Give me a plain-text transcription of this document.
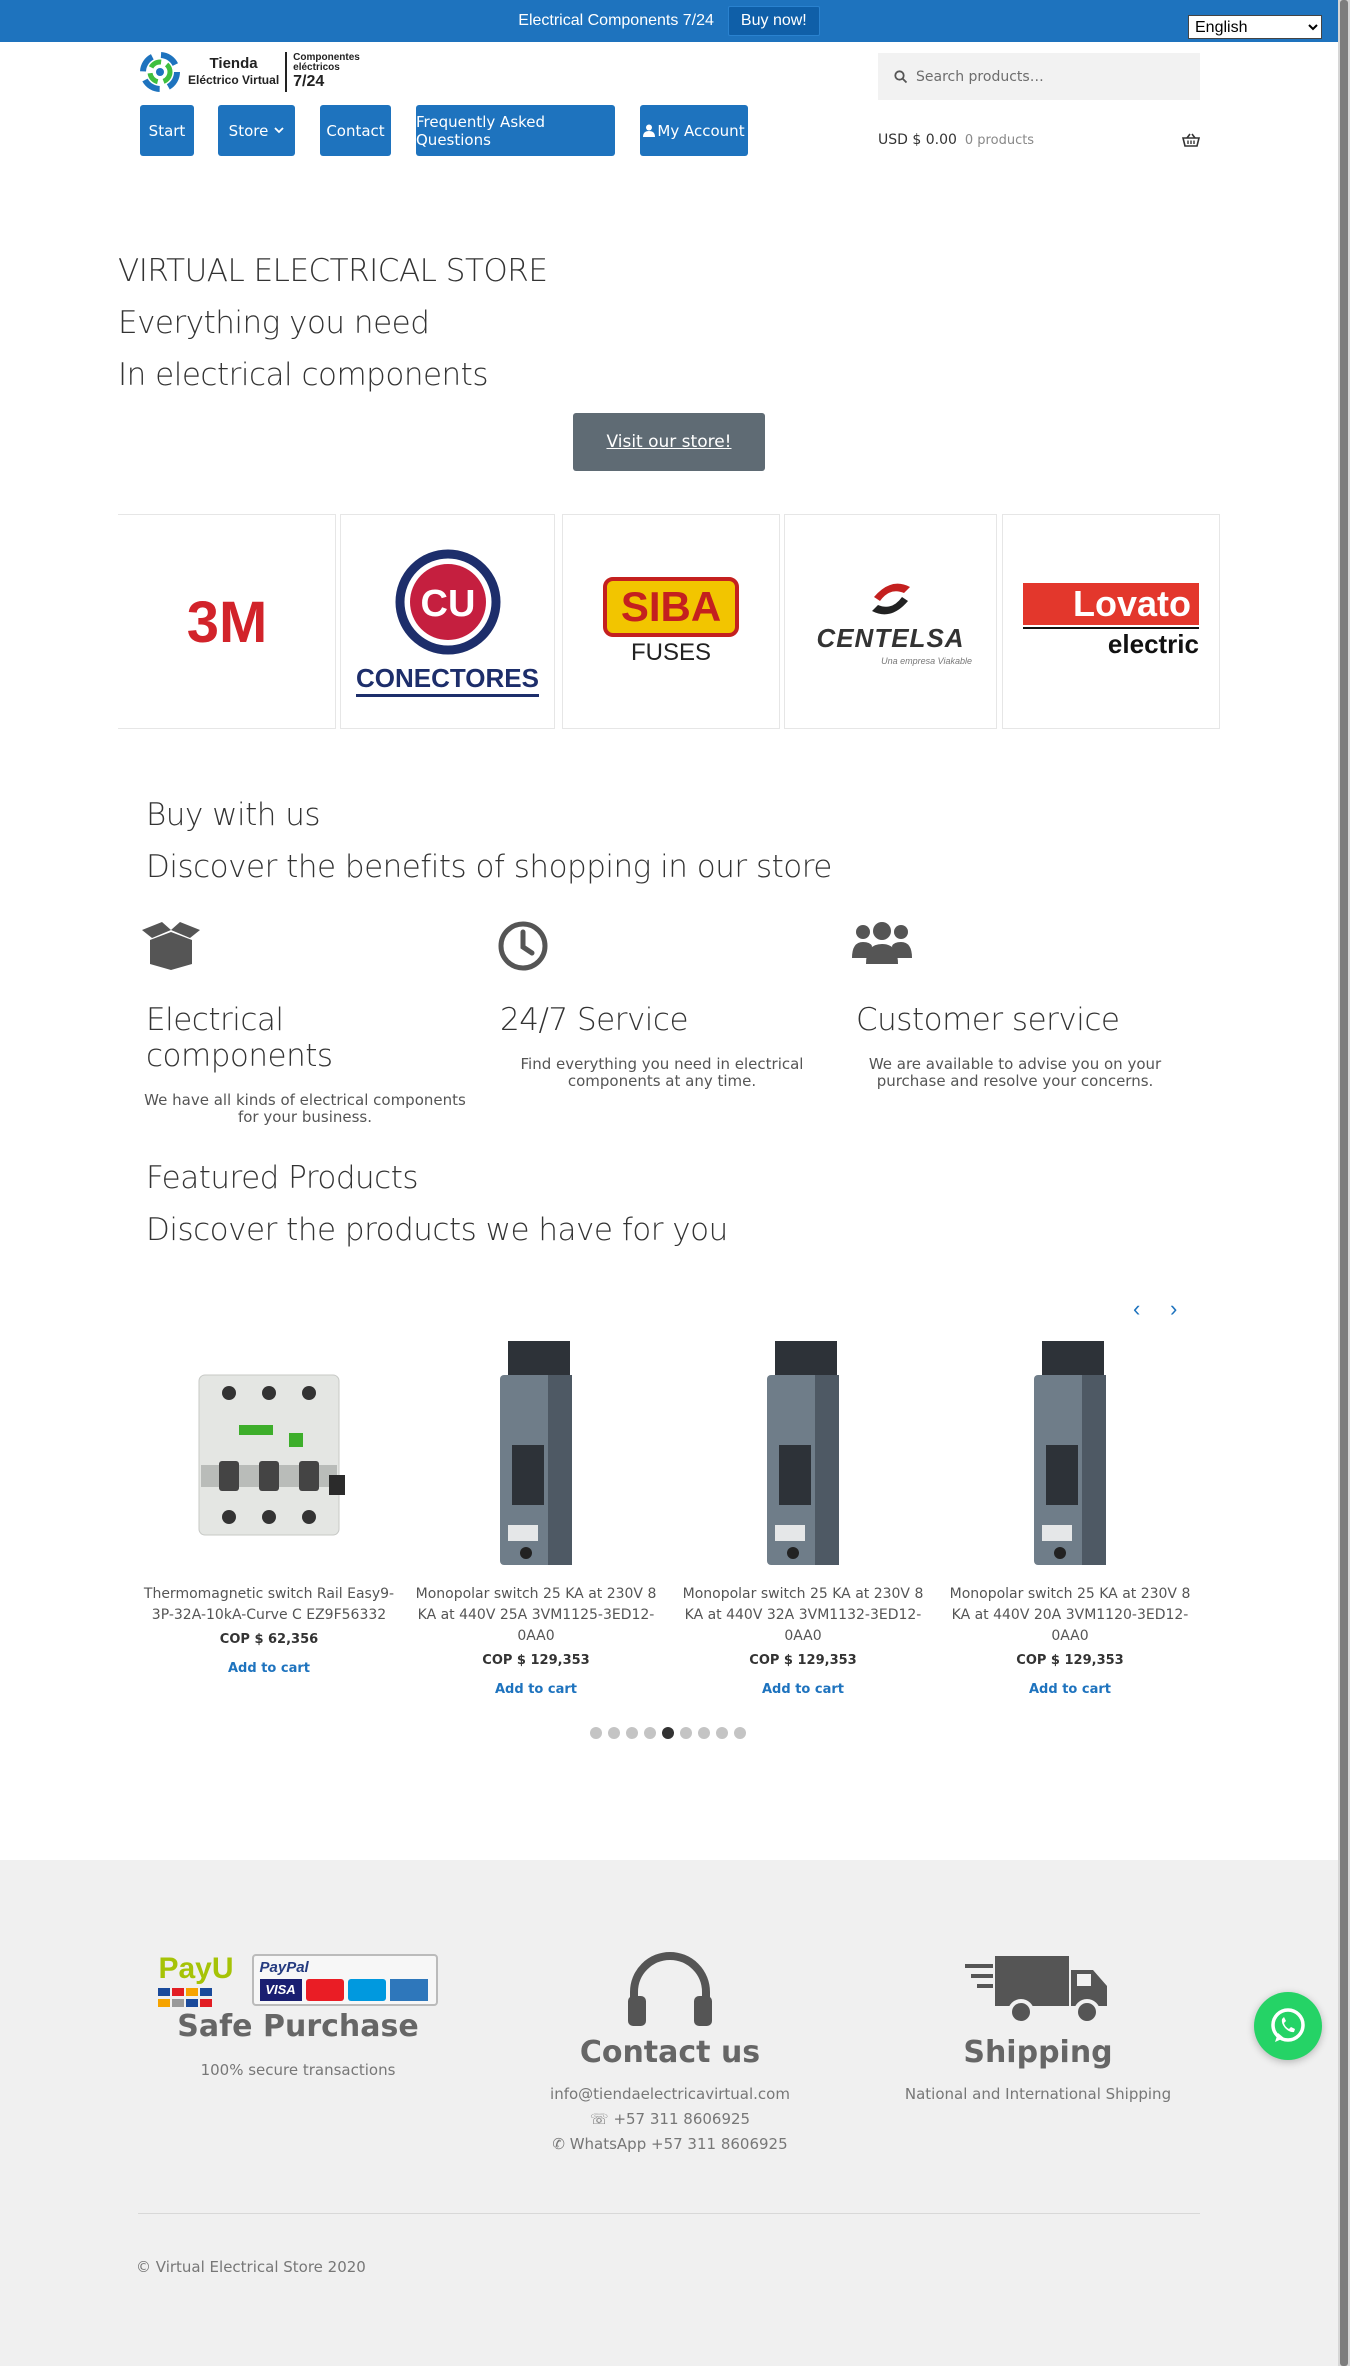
Electrical Components 7/24	Buy now!
English
Tienda
Eléctrico Virtual
Componentes
eléctricos
7/24	Search products…
Start	Store	Contact Frequently Asked Questions	My Account
USD $ 0.00 0 products
VIRTUAL ELECTRICAL STORE
Everything you need
In electrical components
Visit our store!
3M	CU
CONECTORES
SIBA
FUSES	CENTELSA
Una empresa Viakable
Lovato
electric
Buy with us
Discover the benefits of shopping in our store
Electrical components

We have all kinds of electrical components for your business.

24/7 Service

Find everything you need in electrical components at any time.

Customer service

We are available to advise you on your purchase and resolve your concerns.

Featured Products
Discover the products we have for you
‹ ›
Thermomagnetic switch Rail Easy9-3P-32A-10kA-Curve C EZ9F56332
COP $ 62,356
Add to cart
Monopolar switch 25 KA at 230V 8 KA at 440V 25A 3VM1125-3ED12-0AA0
COP $ 129,353
Add to cart
Monopolar switch 25 KA at 230V 8 KA at 440V 32A 3VM1132-3ED12-0AA0
COP $ 129,353
Add to cart
Monopolar switch 25 KA at 230V 8 KA at 440V 20A 3VM1120-3ED12-0AA0
COP $ 129,353
Add to cart
PayU PayPal
VISA
Safe Purchase
100% secure transactions	Contact us
info@tiendaelectricavirtual.com
☏ +57 311 8606925
✆ WhatsApp +57 311 8606925
Shipping
National and International Shipping
© Virtual Electrical Store 2020
